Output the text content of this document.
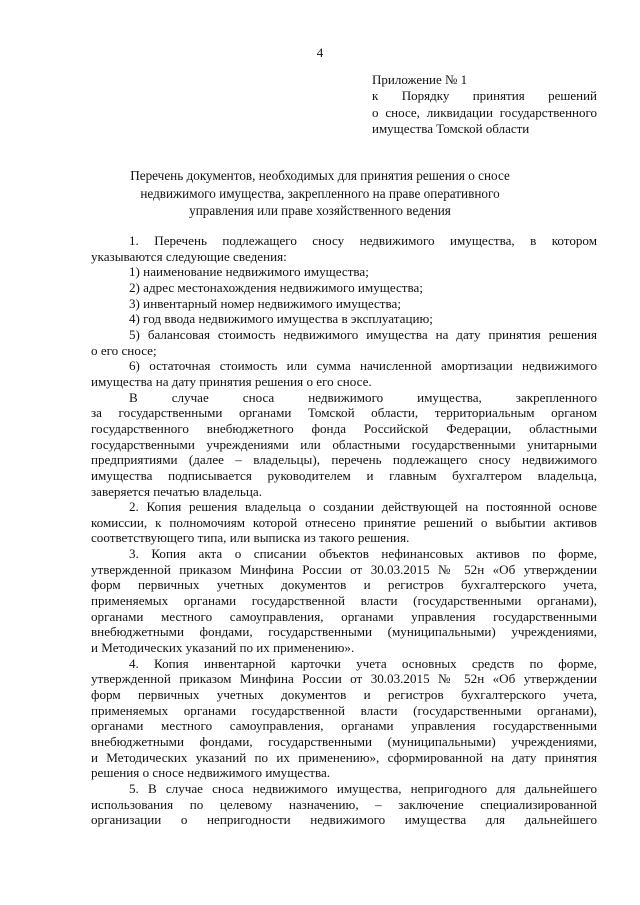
4
Приложение № 1
к Порядку принятия решений
о сносе, ликвидации государственного
имущества Томской области
Перечень документов, необходимых для принятия решения о сносе
недвижимого имущества, закрепленного на праве оперативного
управления или праве хозяйственного ведения
1. Перечень подлежащего сносу недвижимого имущества, в котором
указываются следующие сведения:
1) наименование недвижимого имущества;
2) адрес местонахождения недвижимого имущества;
3) инвентарный номер недвижимого имущества;
4) год ввода недвижимого имущества в эксплуатацию;
5) балансовая стоимость недвижимого имущества на дату принятия решения
о его сносе;
6) остаточная стоимость или сумма начисленной амортизации недвижимого
имущества на дату принятия решения о его сносе.
В случае сноса недвижимого имущества, закрепленного
за государственными органами Томской области, территориальным органом
государственного внебюджетного фонда Российской Федерации, областными
государственными учреждениями или областными государственными унитарными
предприятиями (далее – владельцы), перечень подлежащего сносу недвижимого
имущества подписывается руководителем и главным бухгалтером владельца,
заверяется печатью владельца.
2. Копия решения владельца о создании действующей на постоянной основе
комиссии, к полномочиям которой отнесено принятие решений о выбытии активов
соответствующего типа, или выписка из такого решения.
3. Копия акта о списании объектов нефинансовых активов по форме,
утвержденной приказом Минфина России от 30.03.2015 № 52н «Об утверждении
форм первичных учетных документов и регистров бухгалтерского учета,
применяемых органами государственной власти (государственными органами),
органами местного самоуправления, органами управления государственными
внебюджетными фондами, государственными (муниципальными) учреждениями,
и Методических указаний по их применению».
4. Копия инвентарной карточки учета основных средств по форме,
утвержденной приказом Минфина России от 30.03.2015 № 52н «Об утверждении
форм первичных учетных документов и регистров бухгалтерского учета,
применяемых органами государственной власти (государственными органами),
органами местного самоуправления, органами управления государственными
внебюджетными фондами, государственными (муниципальными) учреждениями,
и Методических указаний по их применению», сформированной на дату принятия
решения о сносе недвижимого имущества.
5. В случае сноса недвижимого имущества, непригодного для дальнейшего
использования по целевому назначению, – заключение специализированной
организации о непригодности недвижимого имущества для дальнейшего
